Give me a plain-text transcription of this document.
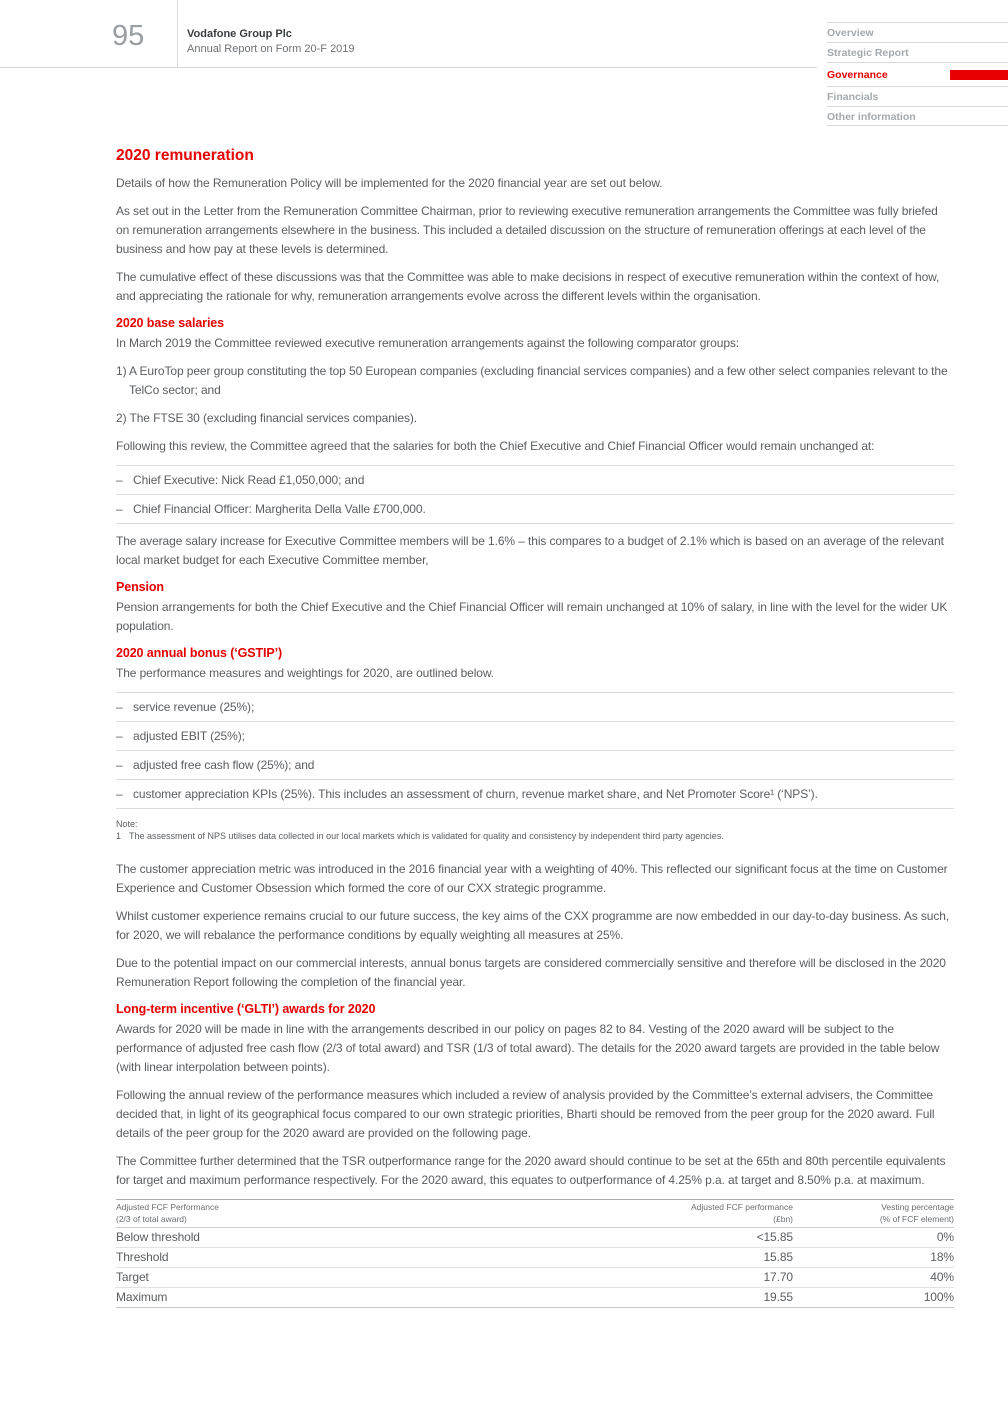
95	Vodafone Group Plc
Annual Report on Form 20-F 2019
Overview
Strategic Report
Governance
Financials
Other information
2020 remuneration

Details of how the Remuneration Policy will be implemented for the 2020 financial year are set out below.

As set out in the Letter from the Remuneration Committee Chairman, prior to reviewing executive remuneration arrangements the Committee was fully briefed on remuneration arrangements elsewhere in the business. This included a detailed discussion on the structure of remuneration offerings at each level of the business and how pay at these levels is determined.

The cumulative effect of these discussions was that the Committee was able to make decisions in respect of executive remuneration within the context of how, and appreciating the rationale for why, remuneration arrangements evolve across the different levels within the organisation.

2020 base salaries

In March 2019 the Committee reviewed executive remuneration arrangements against the following comparator groups:

1) A EuroTop peer group constituting the top 50 European companies (excluding financial services companies) and a few other select companies relevant to the TelCo sector; and

2) The FTSE 30 (excluding financial services companies).

Following this review, the Committee agreed that the salaries for both the Chief Executive and Chief Financial Officer would remain unchanged at:

– Chief Executive: Nick Read £1,050,000; and
– Chief Financial Officer: Margherita Della Valle £700,000.

The average salary increase for Executive Committee members will be 1.6% – this compares to a budget of 2.1% which is based on an average of the relevant local market budget for each Executive Committee member,

Pension

Pension arrangements for both the Chief Executive and the Chief Financial Officer will remain unchanged at 10% of salary, in line with the level for the wider UK population.

2020 annual bonus (‘GSTIP’)

The performance measures and weightings for 2020, are outlined below.

– service revenue (25%);
– adjusted EBIT (25%);
– adjusted free cash flow (25%); and
– customer appreciation KPIs (25%). This includes an assessment of churn, revenue market share, and Net Promoter Score¹ (‘NPS’).
Note:
1 The assessment of NPS utilises data collected in our local markets which is validated for quality and consistency by independent third party agencies.

The customer appreciation metric was introduced in the 2016 financial year with a weighting of 40%. This reflected our significant focus at the time on Customer Experience and Customer Obsession which formed the core of our CXX strategic programme.

Whilst customer experience remains crucial to our future success, the key aims of the CXX programme are now embedded in our day-to-day business. As such, for 2020, we will rebalance the performance conditions by equally weighting all measures at 25%.

Due to the potential impact on our commercial interests, annual bonus targets are considered commercially sensitive and therefore will be disclosed in the 2020 Remuneration Report following the completion of the financial year.

Long-term incentive (‘GLTI’) awards for 2020

Awards for 2020 will be made in line with the arrangements described in our policy on pages 82 to 84. Vesting of the 2020 award will be subject to the performance of adjusted free cash flow (2/3 of total award) and TSR (1/3 of total award). The details for the 2020 award targets are provided in the table below (with linear interpolation between points).

Following the annual review of the performance measures which included a review of analysis provided by the Committee’s external advisers, the Committee decided that, in light of its geographical focus compared to our own strategic priorities, Bharti should be removed from the peer group for the 2020 award. Full details of the peer group for the 2020 award are provided on the following page.

The Committee further determined that the TSR outperformance range for the 2020 award should continue to be set at the 65th and 80th percentile equivalents for target and maximum performance respectively. For the 2020 award, this equates to outperformance of 4.25% p.a. at target and 8.50% p.a. at maximum.

Adjusted FCF Performance
(2/3 of total award)
Adjusted FCF performance
(£bn)
Vesting percentage
(% of FCF element)
Below threshold	<15.85	0%
Threshold	15.85	18%
Target	17.70	40%
Maximum	19.55	100%
